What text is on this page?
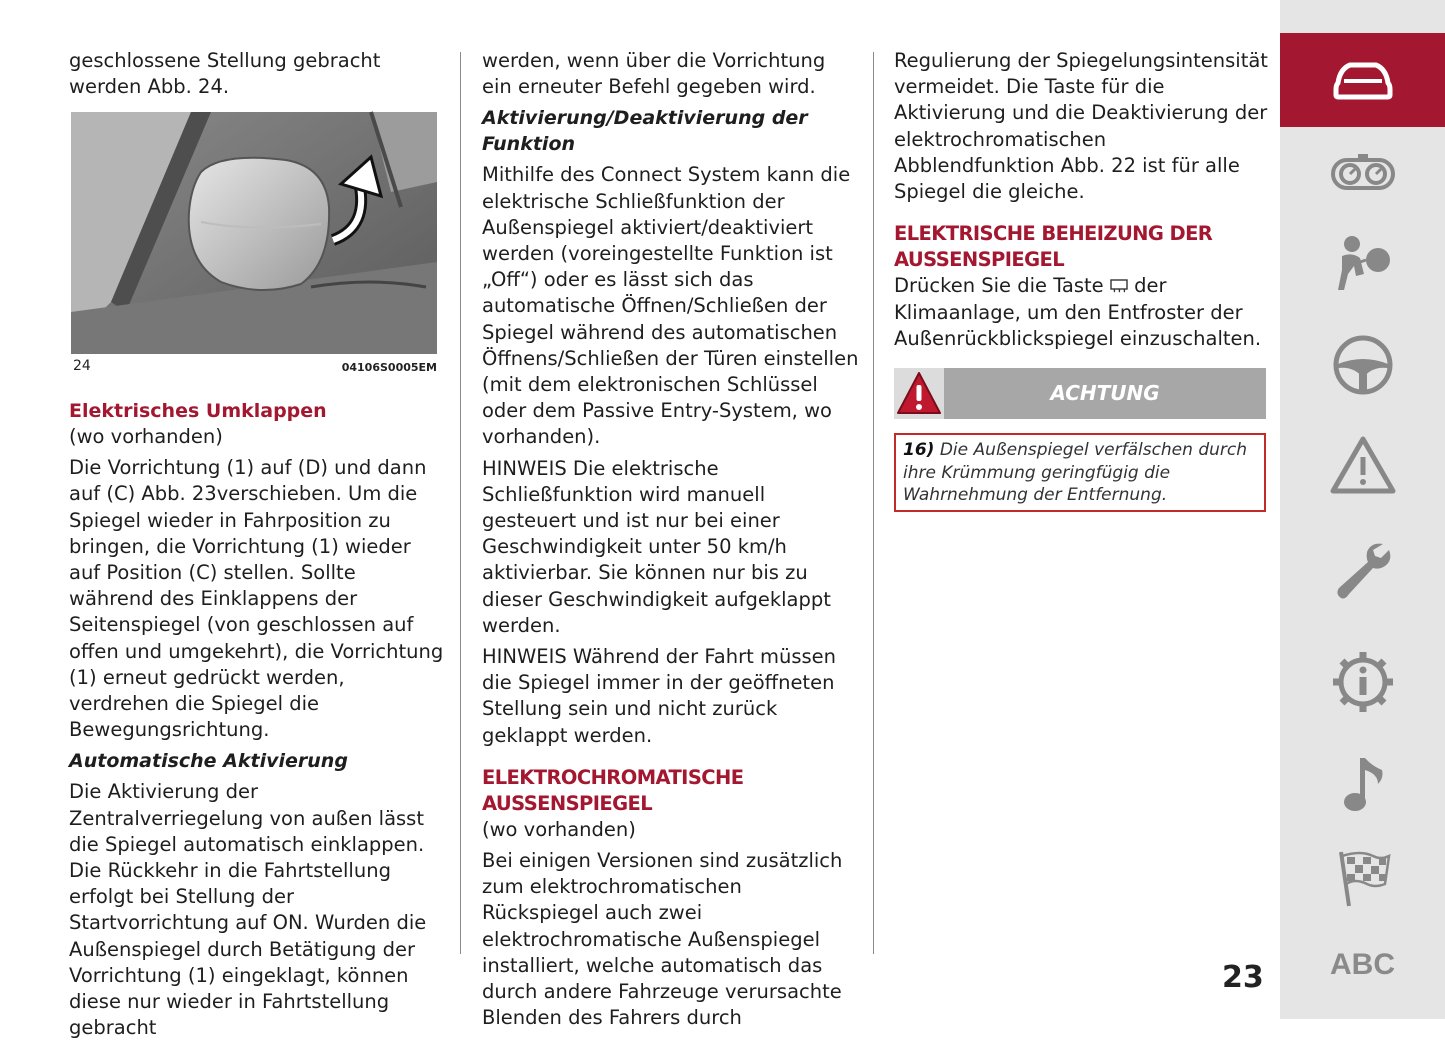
geschlossene Stellung gebracht werden Abb. 24.

24	04106S0005EM

Elektrisches Umklappen

(wo vorhanden)

Die Vorrichtung (1) auf (D) und dann auf (C) Abb. 23verschieben. Um die Spiegel wieder in Fahrposition zu bringen, die Vorrichtung (1) wieder auf Position (C) stellen. Sollte während des Einklappens der Seitenspiegel (von geschlossen auf offen und umgekehrt), die Vorrichtung (1) erneut gedrückt werden, verdrehen die Spiegel die Bewegungsrichtung.

Automatische Aktivierung

Die Aktivierung der Zentralverriegelung von außen lässt die Spiegel automatisch einklappen. Die Rückkehr in die Fahrtstellung erfolgt bei Stellung der Startvorrichtung auf ON. Wurden die Außenspiegel durch Betätigung der Vorrichtung (1) eingeklagt, können diese nur wieder in Fahrtstellung gebracht

werden, wenn über die Vorrichtung ein erneuter Befehl gegeben wird.

Aktivierung/Deaktivierung der Funktion

Mithilfe des Connect System kann die elektrische Schließfunktion der Außenspiegel aktiviert/deaktiviert werden (voreingestellte Funktion ist „Off“) oder es lässt sich das automatische Öffnen/Schließen der Spiegel während des automatischen Öffnens/Schließen der Türen einstellen (mit dem elektronischen Schlüssel oder dem Passive Entry-System, wo vorhanden).

HINWEIS Die elektrische Schließfunktion wird manuell gesteuert und ist nur bei einer Geschwindigkeit unter 50 km/h aktivierbar. Sie können nur bis zu dieser Geschwindigkeit aufgeklappt werden.

HINWEIS Während der Fahrt müssen die Spiegel immer in der geöffneten Stellung sein und nicht zurück geklappt werden.

ELEKTROCHROMATISCHE AUSSENSPIEGEL

(wo vorhanden)

Bei einigen Versionen sind zusätzlich zum elektrochromatischen Rückspiegel auch zwei elektrochromatische Außenspiegel installiert, welche automatisch das durch andere Fahrzeuge verursachte Blenden des Fahrers durch

Regulierung der Spiegelungsintensität vermeidet. Die Taste für die Aktivierung und die Deaktivierung der elektrochromatischen Abblendfunktion Abb. 22 ist für alle Spiegel die gleiche.

ELEKTRISCHE BEHEIZUNG DER AUSSENSPIEGEL

Drücken Sie die Taste der Klimaanlage, um den Entfroster der Außenrückblickspiegel einzuschalten.

ACHTUNG
16) Die Außenspiegel verfälschen durch ihre Krümmung geringfügig die Wahrnehmung der Entfernung.
23 ABC
